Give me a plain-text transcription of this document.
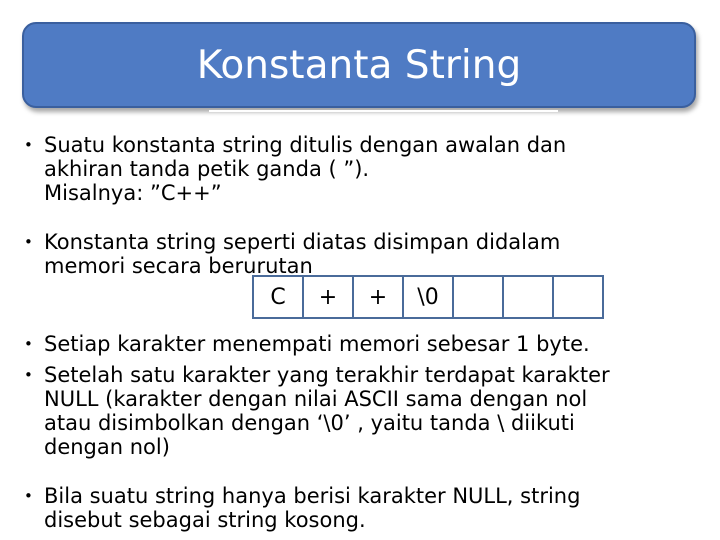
Konstanta String
• Suatu konstanta string ditulis dengan awalan dan
akhiran tanda petik ganda ( ”).
Misalnya: ”C++”
• Konstanta string seperti diatas disimpan didalam
memori secara berurutan
C	+	+	\0			
• Setiap karakter menempati memori sebesar 1 byte.
• Setelah satu karakter yang terakhir terdapat karakter
NULL (karakter dengan nilai ASCII sama dengan nol
atau disimbolkan dengan ‘\0’ , yaitu tanda \ diikuti
dengan nol)
• Bila suatu string hanya berisi karakter NULL, string
disebut sebagai string kosong.
